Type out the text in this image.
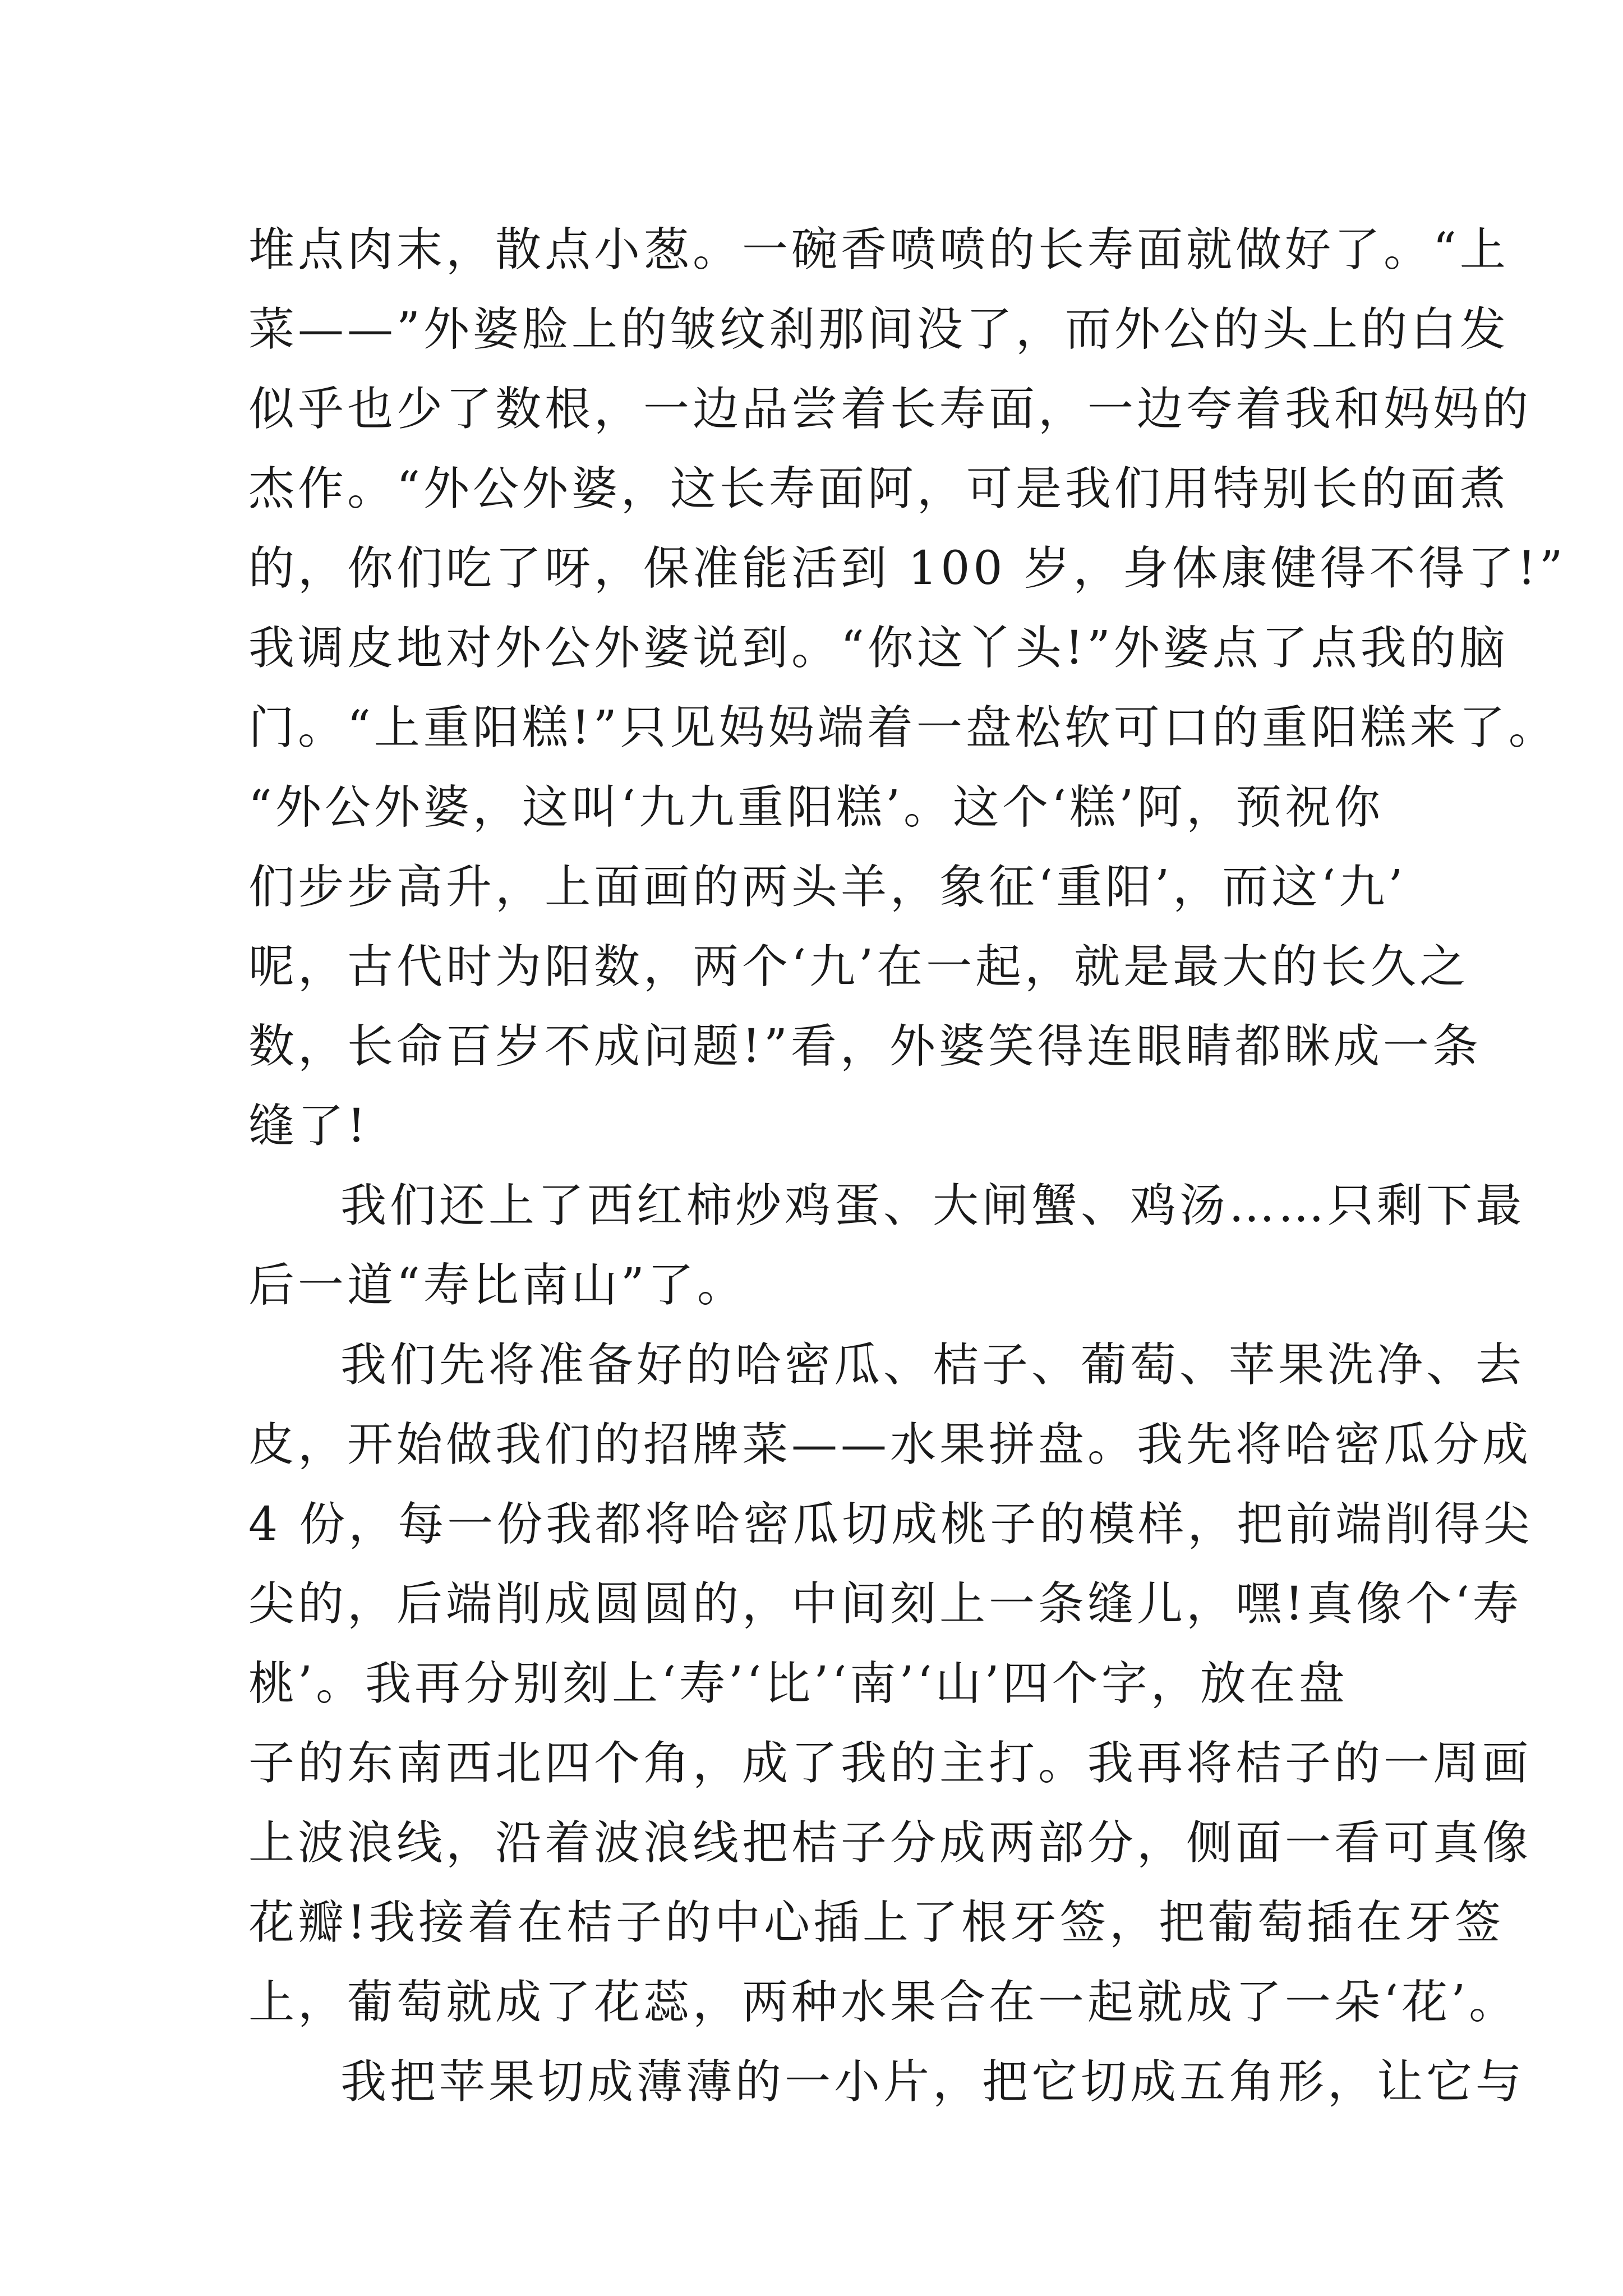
堆点肉末，散点小葱。一碗香喷喷的长寿面就做好了。“上
菜——”外婆脸上的皱纹刹那间没了，而外公的头上的白发
似乎也少了数根，一边品尝着长寿面，一边夸着我和妈妈的
杰作。“外公外婆，这长寿面阿，可是我们用特别长的面煮
的，你们吃了呀，保准能活到 100 岁，身体康健得不得了!”
我调皮地对外公外婆说到。“你这丫头!”外婆点了点我的脑
门。“上重阳糕!”只见妈妈端着一盘松软可口的重阳糕来了。
“外公外婆，这叫‘九九重阳糕’。这个‘糕’阿，预祝你
们步步高升，上面画的两头羊，象征‘重阳’，而这‘九’
呢，古代时为阳数，两个‘九’在一起，就是最大的长久之
数，长命百岁不成问题!”看，外婆笑得连眼睛都眯成一条
缝了!
我们还上了西红柿炒鸡蛋、大闸蟹、鸡汤……只剩下最
后一道“寿比南山”了。
我们先将准备好的哈密瓜、桔子、葡萄、苹果洗净、去
皮，开始做我们的招牌菜——水果拼盘。我先将哈密瓜分成
4 份，每一份我都将哈密瓜切成桃子的模样，把前端削得尖
尖的，后端削成圆圆的，中间刻上一条缝儿，嘿!真像个‘寿
桃’。我再分别刻上‘寿’‘比’‘南’‘山’四个字，放在盘
子的东南西北四个角，成了我的主打。我再将桔子的一周画
上波浪线，沿着波浪线把桔子分成两部分，侧面一看可真像
花瓣!我接着在桔子的中心插上了根牙签，把葡萄插在牙签
上，葡萄就成了花蕊，两种水果合在一起就成了一朵‘花’。
我把苹果切成薄薄的一小片，把它切成五角形，让它与
